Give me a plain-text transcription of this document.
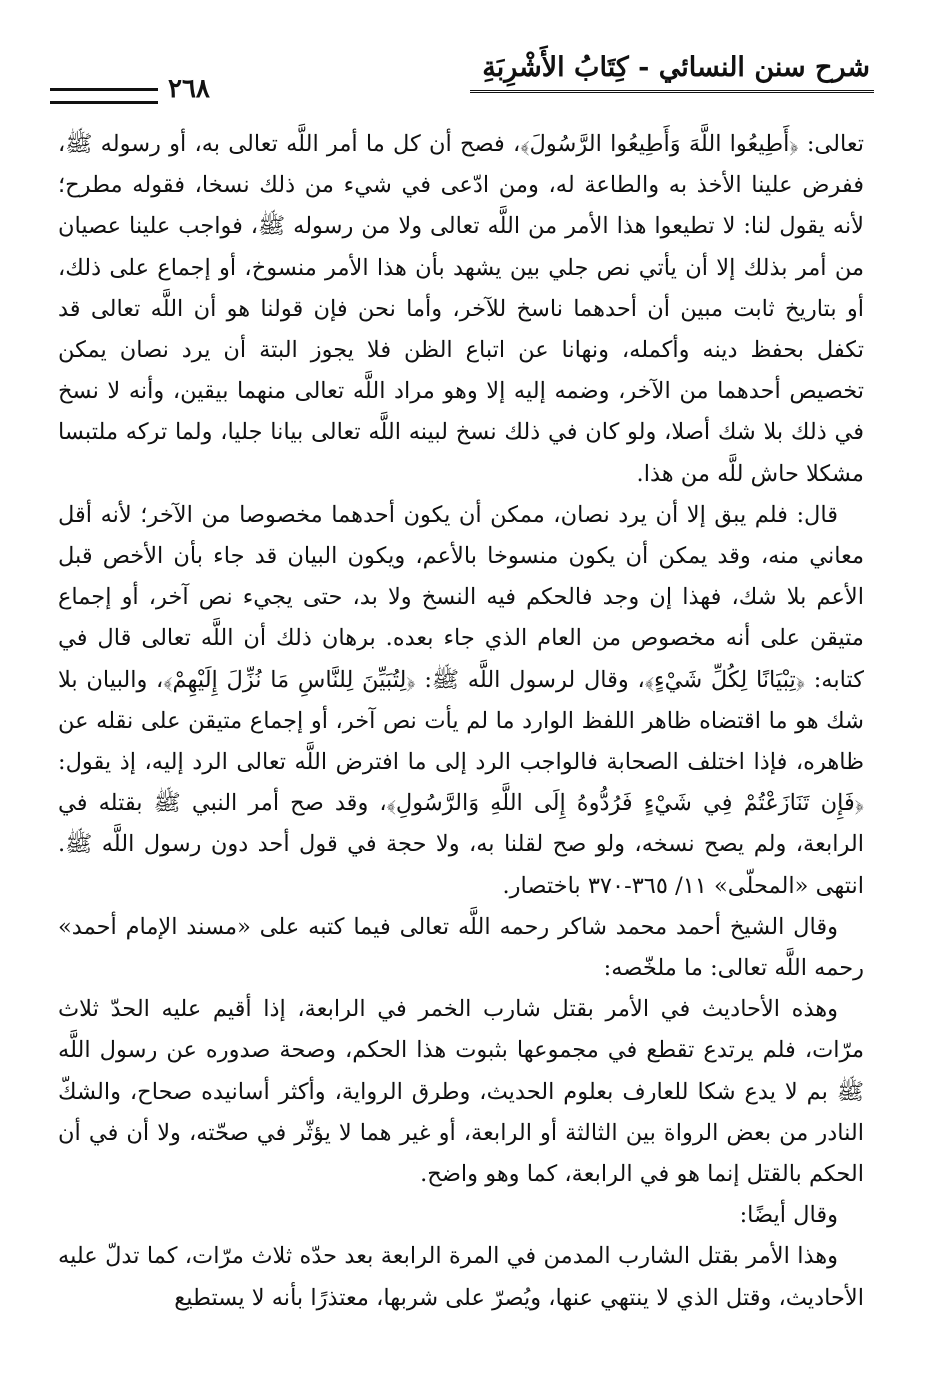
شرح سنن النسائي - كِتَابُ الأَشْرِبَةِ
٢٦٨

تعالى: ﴿أَطِيعُوا اللَّهَ وَأَطِيعُوا الرَّسُولَ﴾، فصح أن كل ما أمر اللَّه تعالى به، أو رسوله ﷺ، ففرض علينا الأخذ به والطاعة له، ومن ادّعى في شيء من ذلك نسخا، فقوله مطرح؛ لأنه يقول لنا: لا تطيعوا هذا الأمر من اللَّه تعالى ولا من رسوله ﷺ، فواجب علينا عصيان من أمر بذلك إلا أن يأتي نص جلي بين يشهد بأن هذا الأمر منسوخ، أو إجماع على ذلك، أو بتاريخ ثابت مبين أن أحدهما ناسخ للآخر، وأما نحن فإن قولنا هو أن اللَّه تعالى قد تكفل بحفظ دينه وأكمله، ونهانا عن اتباع الظن فلا يجوز البتة أن يرد نصان يمكن تخصيص أحدهما من الآخر، وضمه إليه إلا وهو مراد اللَّه تعالى منهما بيقين، وأنه لا نسخ في ذلك بلا شك أصلا، ولو كان في ذلك نسخ لبينه اللَّه تعالى بيانا جليا، ولما تركه ملتبسا مشكلا حاش للَّه من هذا.

قال: فلم يبق إلا أن يرد نصان، ممكن أن يكون أحدهما مخصوصا من الآخر؛ لأنه أقل معاني منه، وقد يمكن أن يكون منسوخا بالأعم، ويكون البيان قد جاء بأن الأخص قبل الأعم بلا شك، فهذا إن وجد فالحكم فيه النسخ ولا بد، حتى يجيء نص آخر، أو إجماع متيقن على أنه مخصوص من العام الذي جاء بعده. برهان ذلك أن اللَّه تعالى قال في كتابه: ﴿تِبْيَانًا لِكُلِّ شَيْءٍ﴾، وقال لرسول اللَّه ﷺ: ﴿لِتُبَيِّنَ لِلنَّاسِ مَا نُزِّلَ إِلَيْهِمْ﴾، والبيان بلا شك هو ما اقتضاه ظاهر اللفظ الوارد ما لم يأت نص آخر، أو إجماع متيقن على نقله عن ظاهره، فإذا اختلف الصحابة فالواجب الرد إلى ما افترض اللَّه تعالى الرد إليه، إذ يقول: ﴿فَإِن تَنَازَعْتُمْ فِي شَيْءٍ فَرُدُّوهُ إِلَى اللَّهِ وَالرَّسُولِ﴾، وقد صح أمر النبي ﷺ بقتله في الرابعة، ولم يصح نسخه، ولو صح لقلنا به، ولا حجة في قول أحد دون رسول اللَّه ﷺ. انتهى «المحلّى» ١١/ ٣٦٥-٣٧٠ باختصار.

وقال الشيخ أحمد محمد شاكر رحمه اللَّه تعالى فيما كتبه على «مسند الإمام أحمد» رحمه اللَّه تعالى: ما ملخّصه:

وهذه الأحاديث في الأمر بقتل شارب الخمر في الرابعة، إذا أقيم عليه الحدّ ثلاث مرّات، فلم يرتدع تقطع في مجموعها بثبوت هذا الحكم، وصحة صدوره عن رسول اللَّه ﷺ بم لا يدع شكا للعارف بعلوم الحديث، وطرق الرواية، وأكثر أسانيده صحاح، والشكّ النادر من بعض الرواة بين الثالثة أو الرابعة، أو غير هما لا يؤثّر في صحّته، ولا أن في أن الحكم بالقتل إنما هو في الرابعة، كما وهو واضح.

وقال أيضًا:

وهذا الأمر بقتل الشارب المدمن في المرة الرابعة بعد حدّه ثلاث مرّات، كما تدلّ عليه الأحاديث، وقتل الذي لا ينتهي عنها، ويُصرّ على شربها، معتذرًا بأنه لا يستطيع
